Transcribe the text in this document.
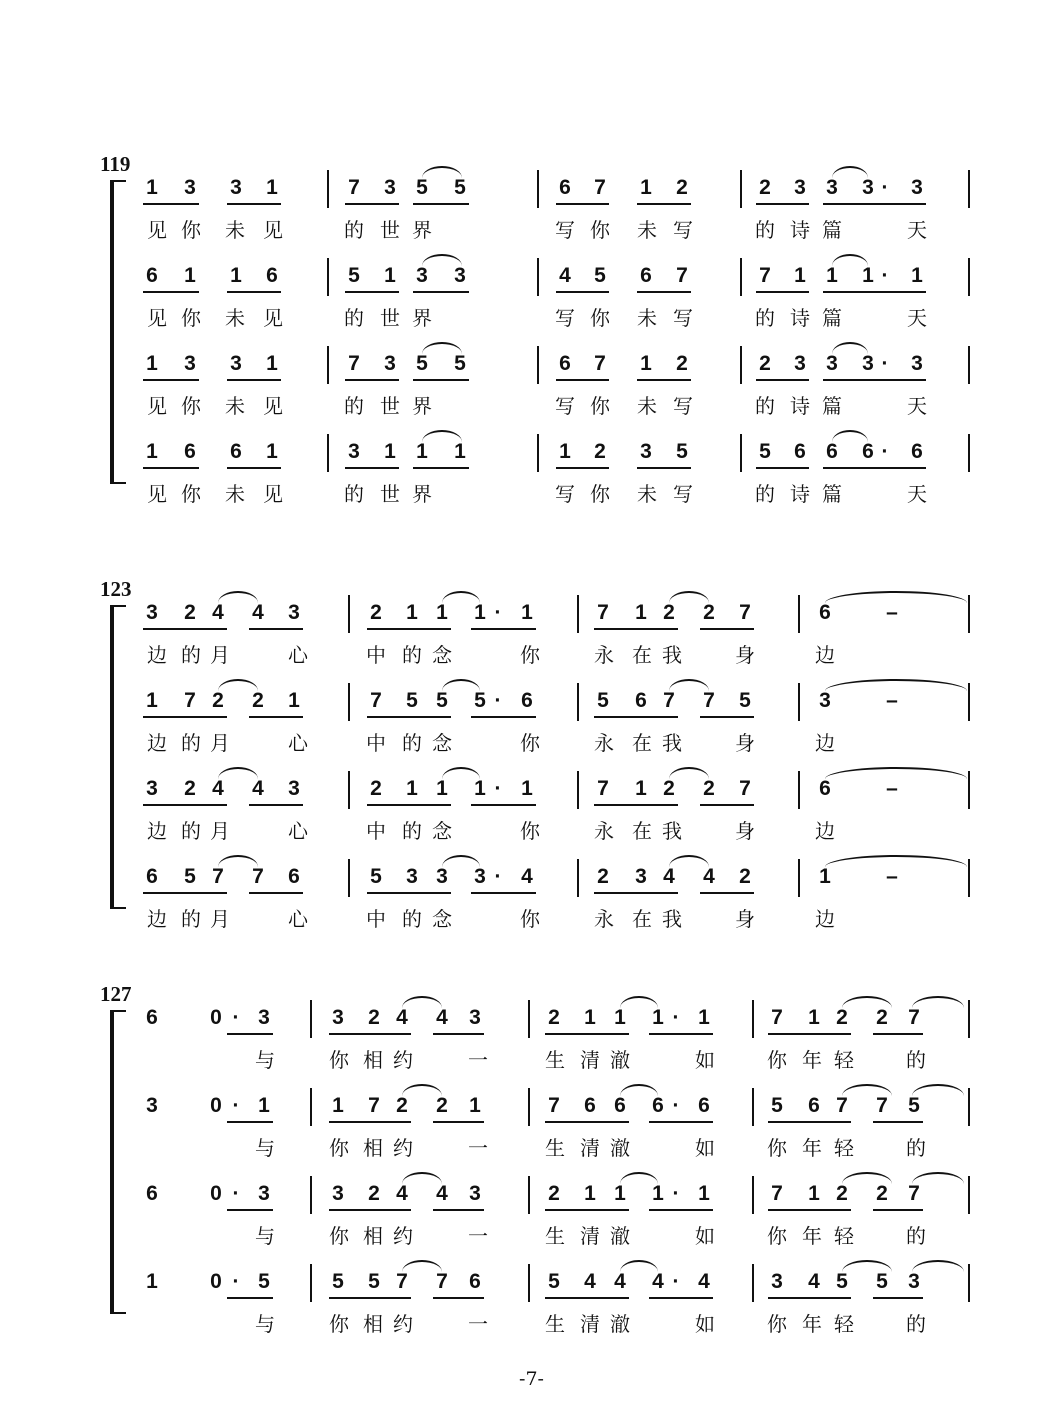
119
1 3 3 1	7 3 5 5	6 7 1 2	2 3 3 3 ·	3
见 你 未 见	的 世 界	写 你 未 写	的 诗 篇	天
6 1 1 6	5 1 3 3	4 5 6 7	7 1 1 1 ·	1
见 你 未 见	的 世 界	写 你 未 写	的 诗 篇	天
1 3 3 1	7 3 5 5	6 7 1 2	2 3 3 3 ·	3
见 你 未 见	的 世 界	写 你 未 写	的 诗 篇	天
1 6 6 1	3 1 1 1	1 2 3 5	5 6 6 6 ·	6
见 你 未 见	的 世 界	写 你 未 写	的 诗 篇	天
123
3 2 4 4 3	2 1 1 1 · 1	7 1 2 2 7	6	–
边 的 月	心	中 的 念	你	永 在 我	身	边
1 7 2 2 1	7 5 5 5 · 6	5 6 7 7 5	3	–
边 的 月	心	中 的 念	你	永 在 我	身	边
3 2 4 4 3	2 1 1 1 · 1	7 1 2 2 7	6	–
边 的 月	心	中 的 念	你	永 在 我	身	边
6 5 7 7 6	5 3 3 3 · 4	2 3 4 4 2	1	–
边 的 月	心	中 的 念	你	永 在 我	身	边
127
6 0 · 3	3 2 4 4 3	2 1 1 1 · 1	7 1 2 2 7
与	你 相 约	一	生 清 澈	如	你 年 轻	的
3 0 · 1	1 7 2 2 1	7 6 6 6 · 6	5 6 7 7 5
与	你 相 约	一	生 清 澈	如	你 年 轻	的
6 0 · 3	3 2 4 4 3	2 1 1 1 · 1	7 1 2 2 7
与	你 相 约	一	生 清 澈	如	你 年 轻	的
1 0 · 5	5 5 7 7 6	5 4 4 4 · 4	3 4 5 5 3
与	你 相 约	一	生 清 澈	如	你 年 轻	的
-7-
